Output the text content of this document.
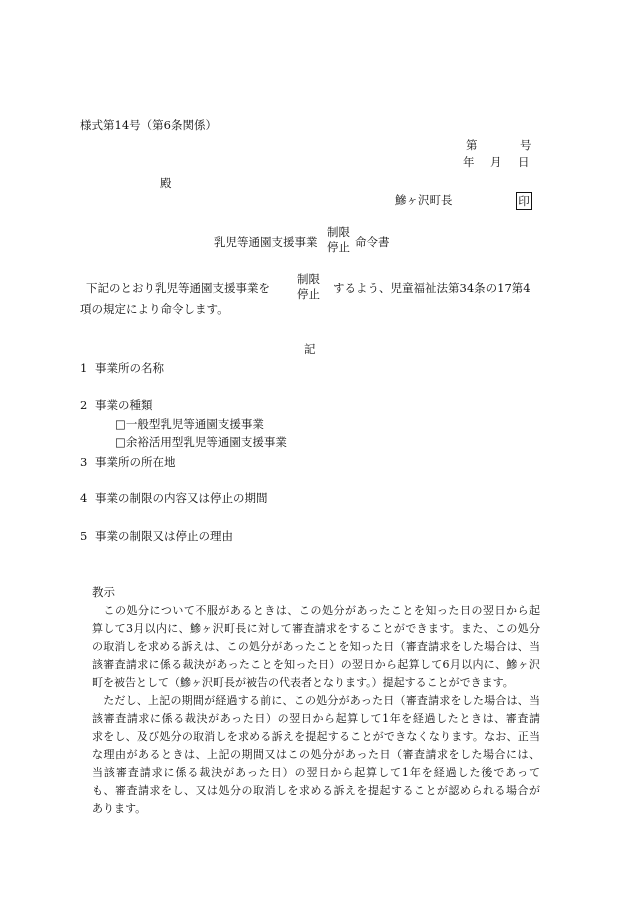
様式第14号（第6条関係）
第	号
年 月 日
殿
鰺ヶ沢町長	印
乳児等通園支援事業
制限
停止 命令書
下記のとおり乳児等通園支援事業を
制限
停止 するよう、児童福祉法第34条の17第4
項の規定により命令します。
記
1 事業所の名称
2 事業の種類
□一般型乳児等通園支援事業
□余裕活用型乳児等通園支援事業
3 事業所の所在地
4 事業の制限の内容又は停止の期間
5 事業の制限又は停止の理由
教示
　この処分について不服があるときは、この処分があったことを知った日の翌日から起
算して3月以内に、鰺ヶ沢町長に対して審査請求をすることができます。また、この処分
の取消しを求める訴えは、この処分があったことを知った日（審査請求をした場合は、当
該審査請求に係る裁決があったことを知った日）の翌日から起算して6月以内に、鰺ヶ沢
町を被告として（鰺ヶ沢町長が被告の代表者となります。）提起することができます。
　ただし、上記の期間が経過する前に、この処分があった日（審査請求をした場合は、当
該審査請求に係る裁決があった日）の翌日から起算して1年を経過したときは、審査請
求をし、及び処分の取消しを求める訴えを提起することができなくなります。なお、正当
な理由があるときは、上記の期間又はこの処分があった日（審査請求をした場合には、
当該審査請求に係る裁決があった日）の翌日から起算して1年を経過した後であって
も、審査請求をし、又は処分の取消しを求める訴えを提起することが認められる場合が
あります。
